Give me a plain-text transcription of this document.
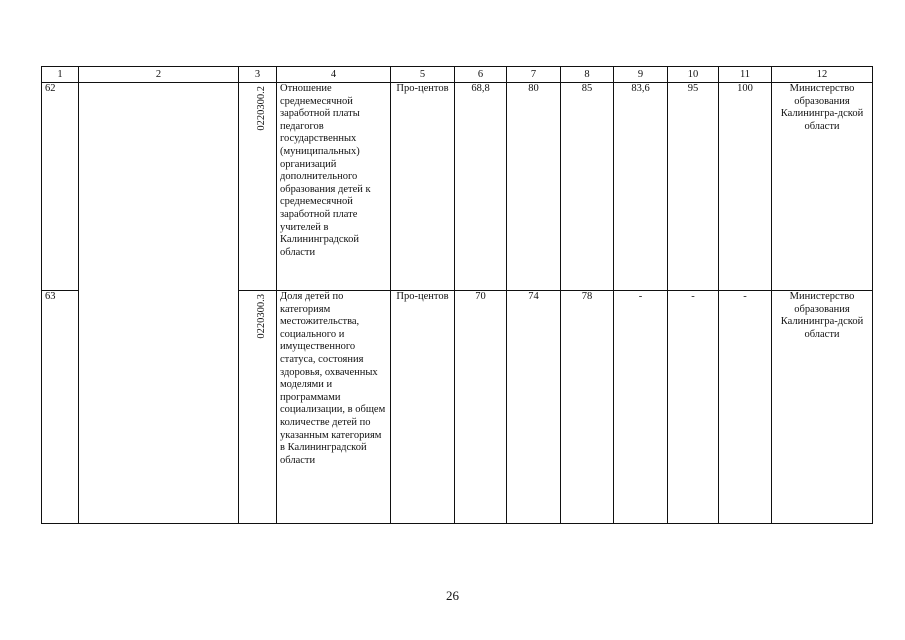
1	2	3	4	5	6	7	8	9	10	11	12
62		0220300.2	Отношение среднемесячной заработной платы педагогов государственных (муниципальных) организаций дополнительного образования детей к среднемесячной заработной плате учителей в Калининградской области	Про-центов	68,8	80	85	83,6	95	100	Министерство образования Калинингра-дской области
63		0220300.3	Доля детей по категориям местожительства, социального и имущественного статуса, состояния здоровья, охваченных моделями и программами социализации, в общем количестве детей по указанным категориям в Калининградской области	Про-центов	70	74	78	-	-	-	Министерство образования Калинингра-дской области
26
